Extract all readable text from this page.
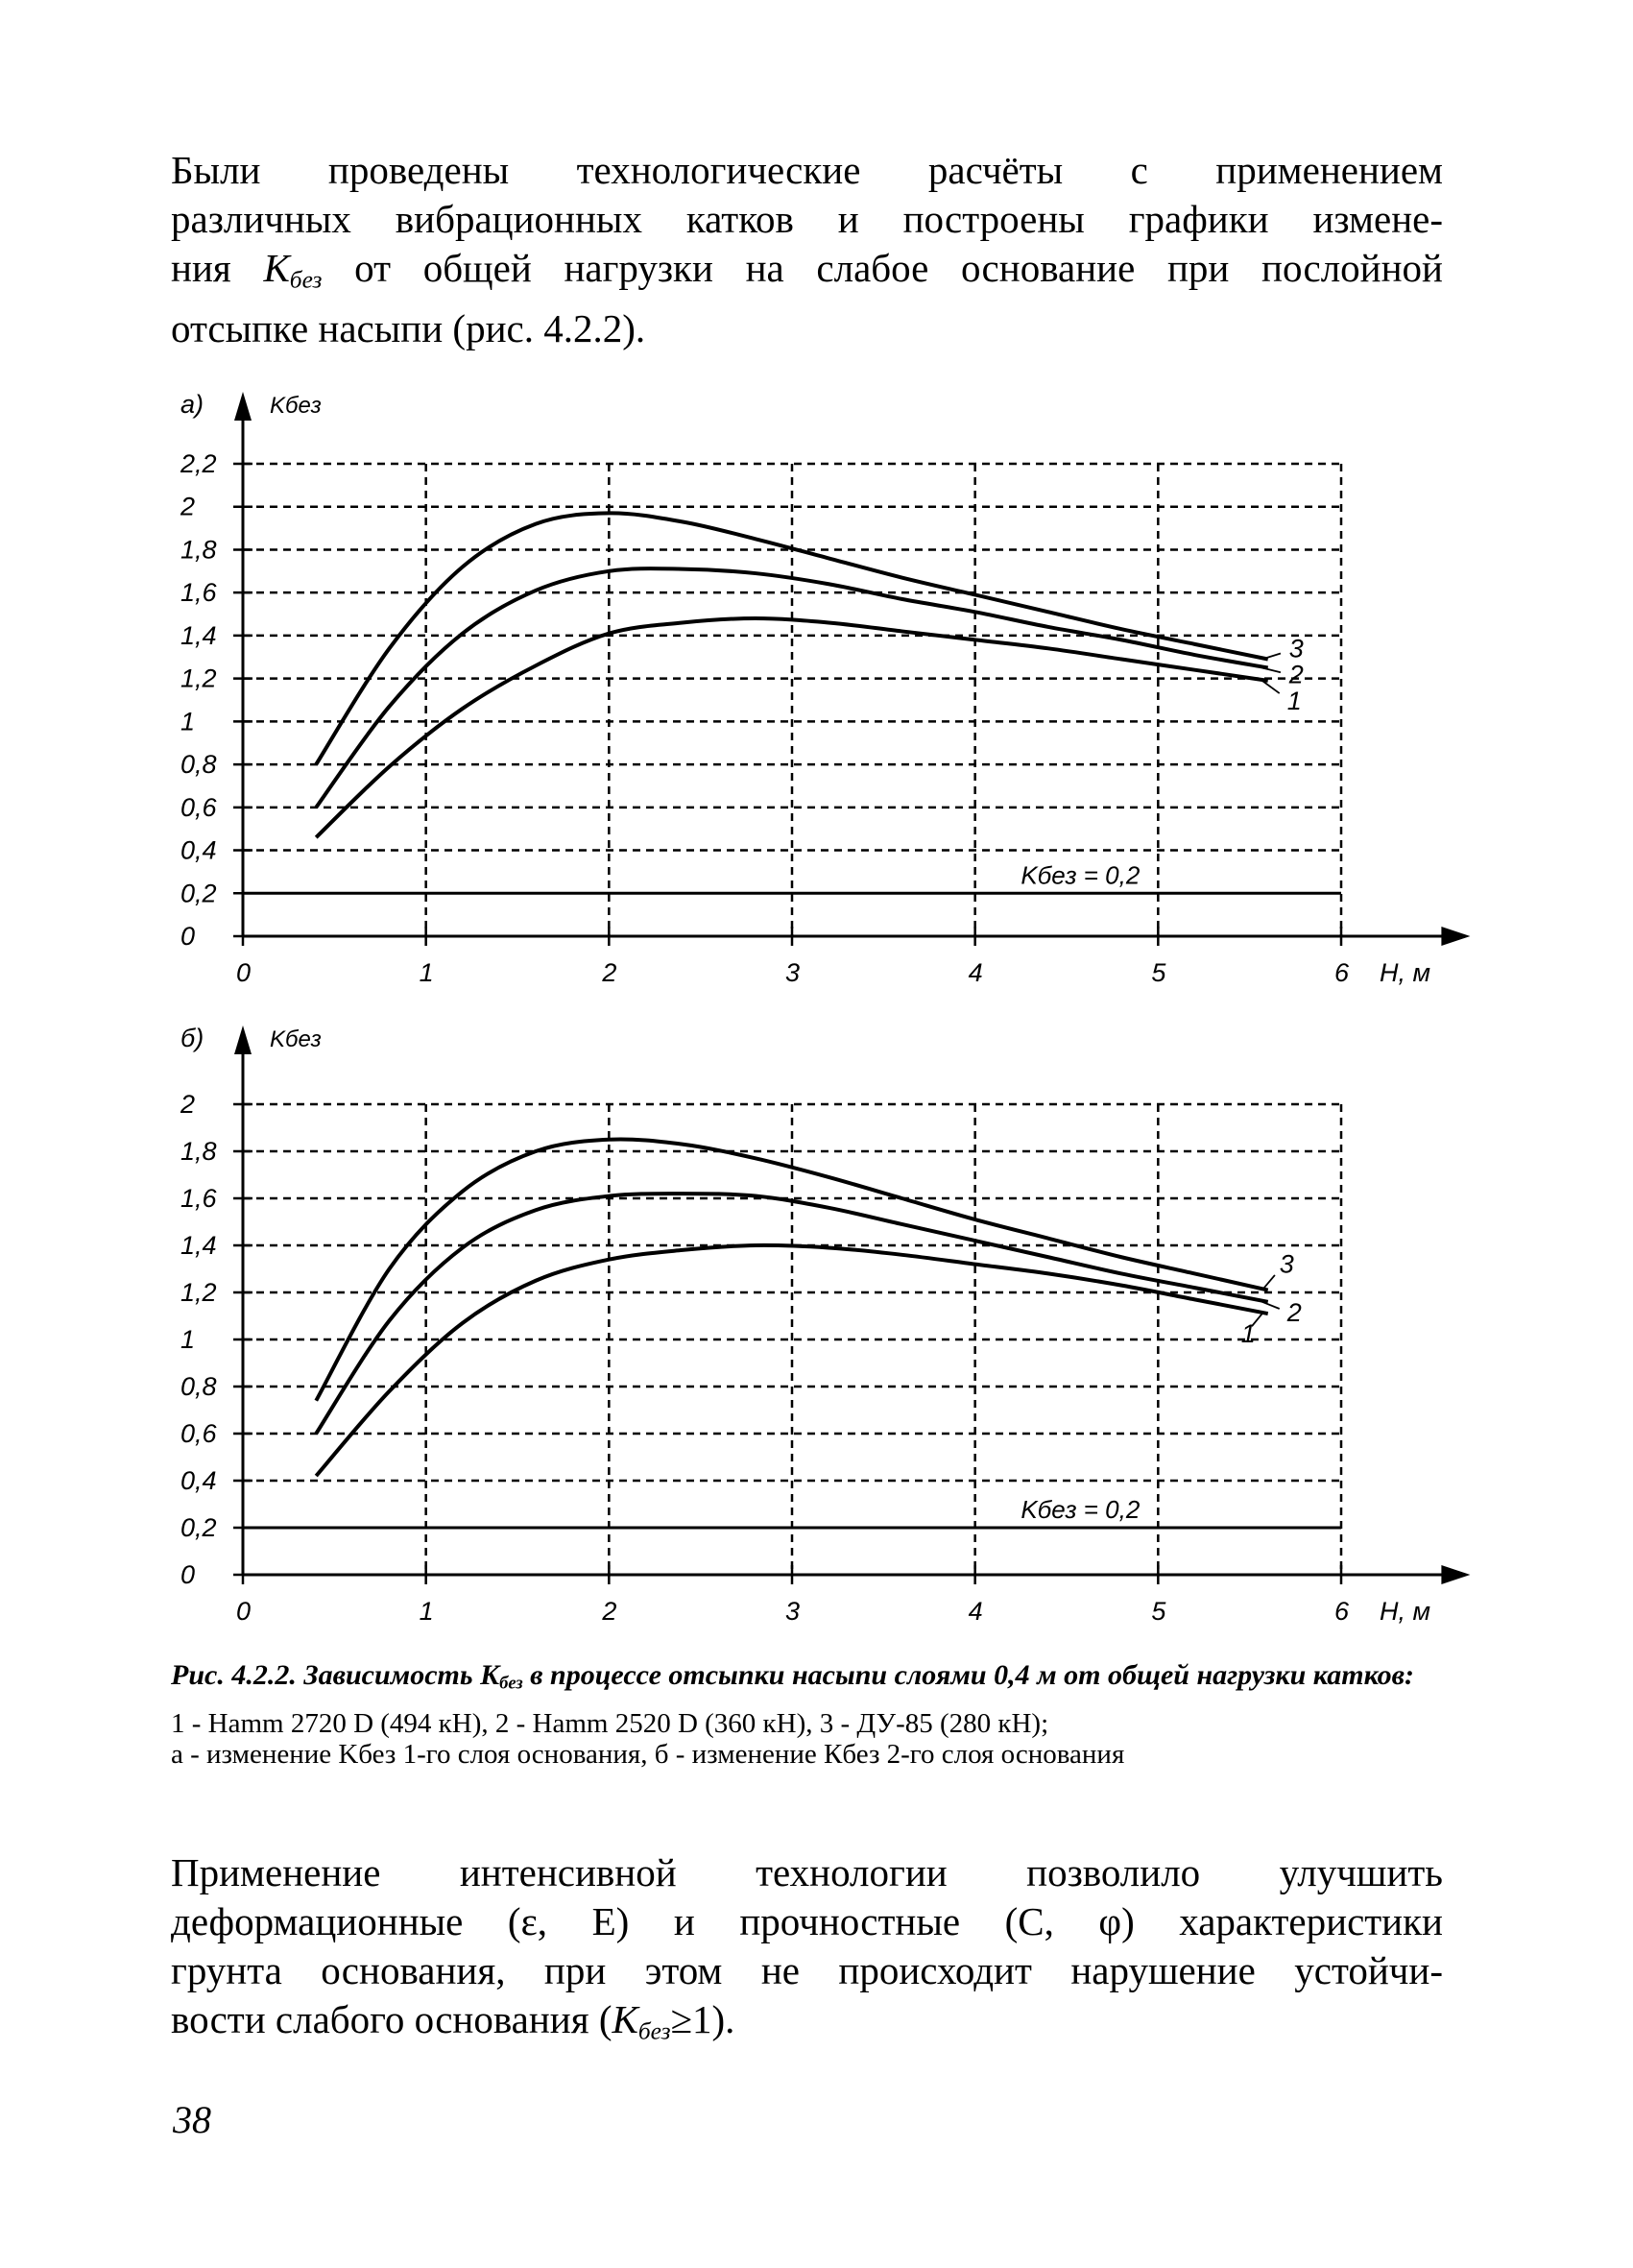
Были проведены технологические расчёты с применением
различных вибрационных катков и построены графики измене-
ния $K_{без}$ от общей нагрузки на слабое основание при послойной
отсыпке насыпи (рис. 4.2.2).
Kбез = 0,2
0
0,2
0,4
0,6
0,8
1
1,2
1,4
1,6
1,8
2
2,2
0	1	2	3	4	5	6 Н, м
а)	Kбез
1
2
3
Kбез = 0,2
0
0,2
0,4
0,6
0,8
1
1,2
1,4
1,6
1,8
2
0	1	2	3	4	5	6 Н, м
б)	Kбез
1
2
3
Рис. 4.2.2. Зависимость $K_{без}$ в процессе отсыпки насыпи слоями 0,4 м от общей нагрузки катков:
1 - Hamm 2720 D (494 кН), 2 - Hamm 2520 D (360 кН), 3 - ДУ-85 (280 кН);
а - изменение Kбез 1-го слоя основания, б - изменение Кбез 2-го слоя основания
Применение интенсивной технологии позволило улучшить
деформационные (ε, E) и прочностные (C, φ) характеристики
грунта основания, при этом не происходит нарушение устойчи-
вости слабого основания $(K_{без}\ge 1)$.
38
